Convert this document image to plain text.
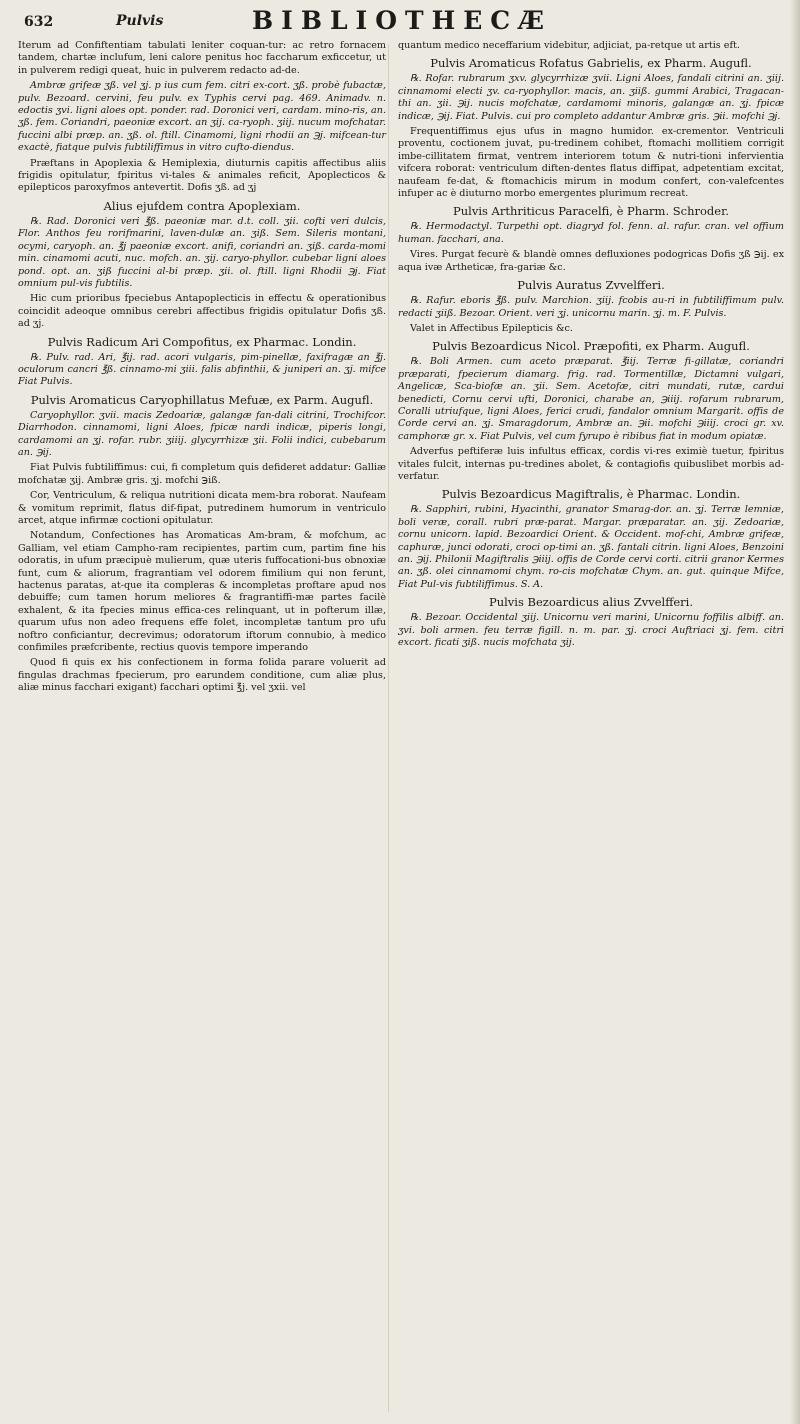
632	Pulvis	BIBLIOTHECÆ

Iterum ad Confiftentiam tabulati leniter coquan-tur: ac retro fornacem tandem, chartæ inclufum, leni calore penitus hoc faccharum exficcetur, ut in pulverem redigi queat, huic in pulverem redacto ad-de.

Ambræ grifeæ ʒß. vel ʒj. p ius cum fem. citri ex-cort. ʒß. probè fubactæ, pulv. Bezoard. cervini, feu pulv. ex Typhis cervi pag. 469. Animadv. n. edoctis ʒvi. ligni aloes opt. ponder. rad. Doronici veri, cardam. mino-ris, an. ʒß. fem. Coriandri, paeoniæ excort. an ʒij. ca-ryoph. ʒiij. nucum mofchatar. fuccini albi præp. an. ʒß. ol. ftill. Cinamomi, ligni rhodii an ℈j. mifcean-tur exactè, fiatque pulvis fubtiliffimus in vitro cufto-diendus.

Præftans in Apoplexia & Hemiplexia, diuturnis capitis affectibus aliis frigidis opitulatur, fpiritus vi-tales & animales reficit, Apoplecticos & epilepticos paroxyfmos antevertit. Dofis ʒß. ad ʒj

Alius ejufdem contra Apoplexiam.

℞. Rad. Doronici veri ℥ß. paeoniæ mar. d.t. coll. ʒii. cofti veri dulcis, Flor. Anthos feu rorifmarini, laven-dulæ an. ʒiß. Sem. Sileris montani, ocymi, caryoph. an. ℥j paeoniæ excort. anifi, coriandri an. ʒiß. carda-momi min. cinamomi acuti, nuc. mofch. an. ʒij. caryo-phyllor. cubebar ligni aloes pond. opt. an. ʒiß fuccini al-bi præp. ʒii. ol. ftill. ligni Rhodii ℈j. Fiat omnium pul-vis fubtilis.

Hic cum prioribus fpeciebus Antapoplecticis in effectu & operationibus coincidit adeoque omnibus cerebri affectibus frigidis opitulatur Dofis ʒß. ad ʒj.

Pulvis Radicum Ari Compofitus, ex Pharmac. Londin.

℞. Pulv. rad. Ari, ℥ij. rad. acori vulgaris, pim-pinellæ, faxifragæ an ℥j. oculorum cancri ℥ß. cinnamo-mi ʒiii. falis abfinthii, & juniperi an. ʒj. mifce Fiat Pulvis.

Pulvis Aromaticus Caryophillatus Mefuæ, ex Parm. Augufl.

Caryophyllor. ʒvii. macis Zedoariæ, galangæ fan-dali citrini, Trochifcor. Diarrhodon. cinnamomi, ligni Aloes, fpicæ nardi indicæ, piperis longi, cardamomi an ʒj. rofar. rubr. ʒiiij. glycyrrhizæ ʒii. Folii indici, cubebarum an. ℈ij.

Fiat Pulvis fubtiliffimus: cui, fi completum quis defideret addatur: Galliæ mofchatæ ʒij. Ambræ gris. ʒj. mofchi ℈iß.

Cor, Ventriculum, & reliqua nutritioni dicata mem-bra roborat. Naufeam & vomitum reprimit, flatus dif-fipat, putredinem humorum in ventriculo arcet, atque infirmæ coctioni opitulatur.

Notandum, Confectiones has Aromaticas Am-bram, & mofchum, ac Galliam, vel etiam Campho-ram recipientes, partim cum, partim fine his odoratis, in ufum præcipuè mulierum, quæ uteris fuffocationi-bus obnoxiæ funt, cum & aliorum, fragrantiam vel odorem fimilium qui non ferunt, hactenus paratas, at-que ita compleras & incompletas proftare apud nos debuiffe; cum tamen horum meliores & fragrantiffi-mæ partes facilè exhalent, & ita fpecies minus effica-ces relinquant, ut in pofterum illæ, quarum ufus non adeo frequens effe folet, incompletæ tantum pro ufu noftro conficiantur, decrevimus; odoratorum iftorum connubio, à medico confimiles præfcribente, rectius quovis tempore imperando

Quod fi quis ex his confectionem in forma folida parare voluerit ad fingulas drachmas fpecierum, pro earundem conditione, cum aliæ plus, aliæ minus facchari exigant) facchari optimi ℥j. vel ʒxii. vel

quantum medico neceffarium videbitur, adjiciat, pa-retque ut artis eft.

Pulvis Aromaticus Rofatus Gabrielis, ex Pharm. Augufl.

℞. Rofar. rubrarum ʒxv. glycyrrhizæ ʒvii. Ligni Aloes, fandali citrini an. ʒiij. cinnamomi electi ʒv. ca-ryophyllor. macis, an. ʒiiß. gummi Arabici, Tragacan-thi an. ʒii. ℈ij. nucis mofchatæ, cardamomi minoris, galangæ an. ʒj. fpicæ indicæ, ℈ij. Fiat. Pulvis. cui pro completo addantur Ambræ gris. ℈ii. mofchi ℈j.

Frequentiffimus ejus ufus in magno humidor. ex-crementor. Ventriculi proventu, coctionem juvat, pu-tredinem cohibet, ftomachi mollitiem corrigit imbe-cillitatem firmat, ventrem interiorem totum & nutri-tioni infervientia vifcera roborat: ventriculum diften-dentes flatus diffipat, adpetentiam excitat, naufeam fe-dat, & ftomachicis mirum in modum confert, con-valefcentes infuper ac è diuturno morbo emergentes plurimum recreat.

Pulvis Arthriticus Paracelfi, è Pharm. Schroder.

℞. Hermodactyl. Turpethi opt. diagryd fol. fenn. al. rafur. cran. vel offium human. facchari, ana.

Vires. Purgat fecurè & blandè omnes defluxiones podogricas Dofis ʒß ℈ij. ex aqua ivæ Artheticæ, fra-gariæ &c.

Pulvis Auratus Zvvelfferi.

℞. Rafur. eboris ℥ß. pulv. Marchion. ʒiij. fcobis au-ri in fubtiliffimum pulv. redacti ʒiiß. Bezoar. Orient. veri ʒj. unicornu marin. ʒj. m. F. Pulvis.

Valet in Affectibus Epilepticis &c.

Pulvis Bezoardicus Nicol. Præpofiti, ex Pharm. Augufl.

℞. Boli Armen. cum aceto præparat. ℥iij. Terræ fi-gillatæ, coriandri præparati, fpecierum diamarg. frig. rad. Tormentillæ, Dictamni vulgari, Angelicæ, Sca-biofæ an. ʒii. Sem. Acetofæ, citri mundati, rutæ, cardui benedicti, Cornu cervi ufti, Doronici, charabe an, ℈iiij. rofarum rubrarum, Coralli utriufque, ligni Aloes, ferici crudi, fandalor omnium Margarit. offis de Corde cervi an. ʒj. Smaragdorum, Ambræ an. ℈ii. mofchi ℈iiij. croci gr. xv. camphoræ gr. x. Fiat Pulvis, vel cum fyrupo è ribibus fiat in modum opiatæ.

Adverfus peftiferæ luis infultus efficax, cordis vi-res eximiè tuetur, fpiritus vitales fulcit, internas pu-tredines abolet, & contagiofis quibuslibet morbis ad-verfatur.

Pulvis Bezoardicus Magiftralis, è Pharmac. Londin.

℞. Sapphiri, rubini, Hyacinthi, granator Smarag-dor. an. ʒj. Terræ lemniæ, boli veræ, corall. rubri præ-parat. Margar. præparatar. an. ʒij. Zedoariæ, cornu unicorn. lapid. Bezoardici Orient. & Occident. mof-chi, Ambræ grifeæ, caphuræ, junci odorati, croci op-timi an. ʒß. fantali citrin. ligni Aloes, Benzoini an. ℈ij. Philonii Magiftralis ℈iiij. offis de Corde cervi corti. citrii granor Kermes an. ʒß. olei cinnamomi chym. ro-cis mofchatæ Chym. an. gut. quinque Mifce, Fiat Pul-vis fubtiliffimus. S. A.

Pulvis Bezoardicus alius Zvvelfferi.

℞. Bezoar. Occidental ʒiij. Unicornu veri marini, Unicornu foffilis albiff. an. ʒvi. boli armen. feu terræ figill. n. m. par. ʒj. croci Auftriaci ʒj. fem. citri excort. ficati ʒiß. nucis mofchata ʒij.
